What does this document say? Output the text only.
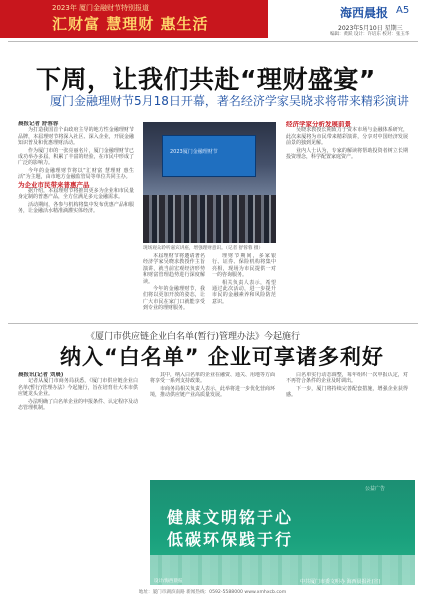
2023年 厦门金融财节特别报道
汇财富 慧理财 惠生活
海西晨报 A5
2023年5月10日 星期三
编辑：黄跃 设计：许培东 校对：张玉华
下周，让我们共赴“理财盛宴”
厦门金融理财节5月18日开幕，著名经济学家吴晓求将带来精彩演讲
晨报记者 舒蓉蓉

为打造我国首个由政府主导的地方性金融理财节品牌，本届理财节将深入社区、深入企业，开展金融知识普及和优惠理财活动。

作为厦门市的一张亮丽名片，厦门金融理财节已成功举办多届，积累了丰富的经验，在市民中形成了广泛的影响力。

今年的金融理财节将以“汇财富 慧理财 惠生活”为主题，由市地方金融监管局等单位共同主办。

为企业市民带来普惠产品

据介绍，本届理财节将推出更多为企业和市民量身定制的普惠产品，全方位满足多元金融需求。

活动期间，各参与机构将集中发布优惠产品和服务，让金融活水精准滴灌实体经济。

2023厦门金融理财节
现场观众聆听嘉宾讲座，增强理财意识。（记者 舒蓉蓉 摄）

本届理财节将邀请著名经济学家吴晓求教授作主旨演讲，就当前宏观经济形势和财富管理趋势进行深度解读。

今年的金融理财节，我们将以更加开放的姿态，让广大市民在家门口就能享受到专业的理财服务。

理财节期间，多家银行、证券、保险机构将集中亮相，现场为市民提供一对一的咨询服务。

相关负责人表示，希望通过此次活动，进一步提升市民的金融素养和风险防范意识。

经济学家分析发展前景

吴晓求教授长期致力于资本市场与金融体系研究，此次来厦将为市民带来精彩演讲，分享对中国经济发展前景的独到见解。

业内人士认为，专家的解读将帮助投资者树立长期投资理念，科学配置家庭资产。

《厦门市供应链企业白名单(暂行)管理办法》今起施行
纳入“白名单” 企业可享诸多利好
晨报讯(记者 刘晨)

记者从厦门市商务局获悉，《厦门市供应链企业白名单(暂行)管理办法》今起施行，旨在培育壮大本市供应链龙头企业。

办法明确了白名单企业的申报条件、认定程序及动态管理机制。

其中，纳入白名单的企业在融资、通关、用地等方面将享受一系列支持政策。

市商务局相关负责人表示，此举将进一步优化营商环境，推动供应链产业高质量发展。

白名单实行动态调整，每年组织一次申报认定，对不再符合条件的企业及时调出。

下一步，厦门将持续完善配套措施，增强企业获得感。

公益广告
健康文明铭于心
低碳环保践于行
设计/海西晨报	中共厦门市委文明办 海西晨报社(宣)
地址：厦门市湖滨南路 新闻热线：0592-5588000 www.xmhxcb.com
